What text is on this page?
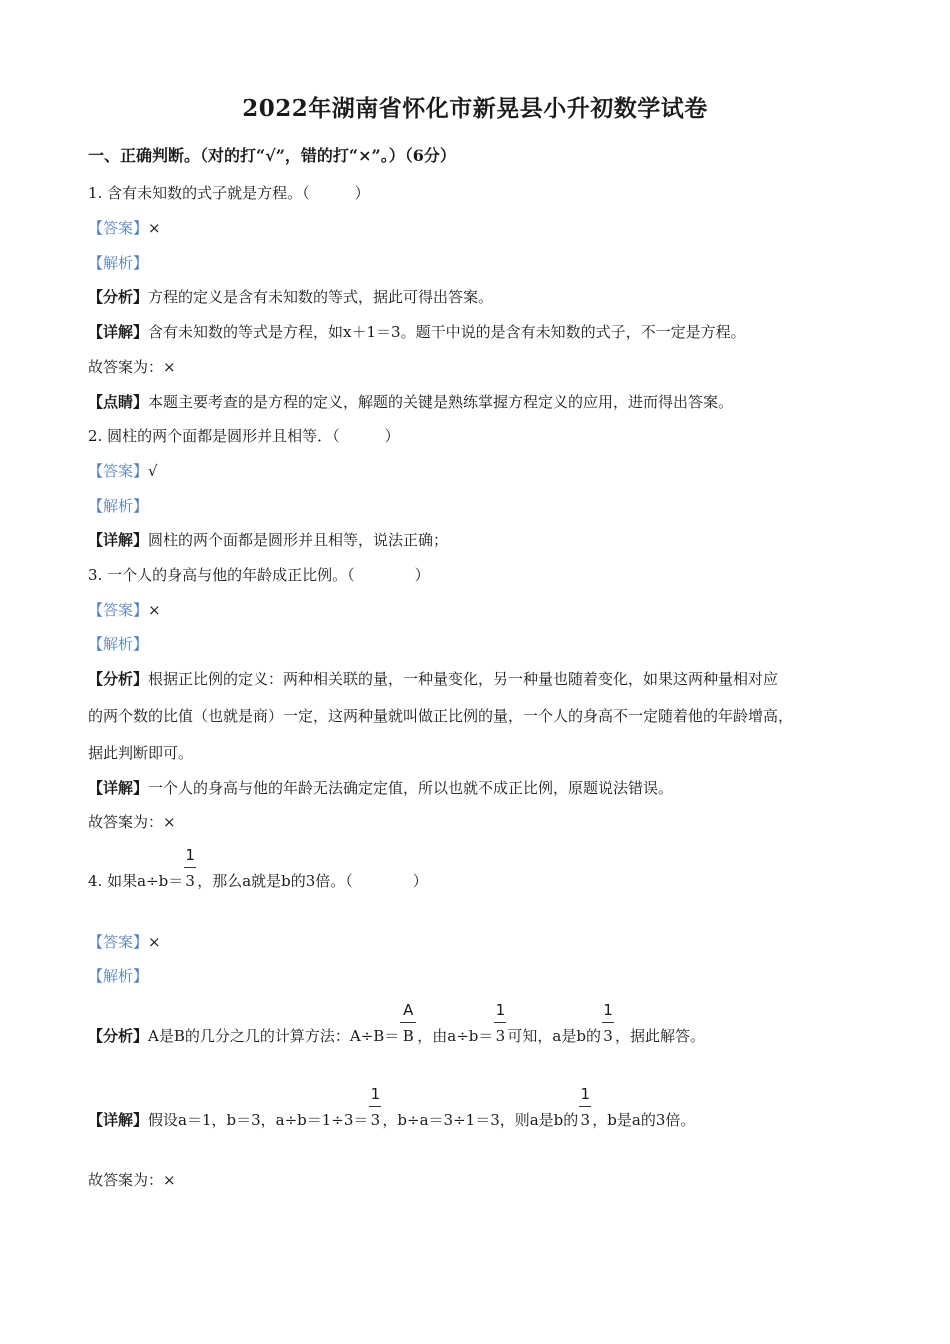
2022年湖南省怀化市新晃县小升初数学试卷
一、正确判断。（对的打“√”，错的打“×”。）（6分）
1. 含有未知数的式子就是方程。（　　　）
【答案】×
【解析】
【分析】方程的定义是含有未知数的等式，据此可得出答案。
【详解】含有未知数的等式是方程，如x＋1＝3。题干中说的是含有未知数的式子，不一定是方程。
故答案为：×
【点睛】本题主要考查的是方程的定义，解题的关键是熟练掌握方程定义的应用，进而得出答案。
2. 圆柱的两个面都是圆形并且相等．（　　　）
【答案】√
【解析】
【详解】圆柱的两个面都是圆形并且相等，说法正确；
3. 一个人的身高与他的年龄成正比例。（　　　　）
【答案】×
【解析】
【分析】根据正比例的定义：两种相关联的量，一种量变化，另一种量也随着变化，如果这两种量相对应
的两个数的比值（也就是商）一定，这两种量就叫做正比例的量，一个人的身高不一定随着他的年龄增高，
据此判断即可。
【详解】一个人的身高与他的年龄无法确定定值，所以也就不成正比例，原题说法错误。
故答案为：×
4. 如果$a\div b= \frac{1}{3}$ ，那么a就是b的3倍。（　　　　）
【答案】×
【解析】
【分析】A是B的几分之几的计算方法：$A\div B= \frac{A}{B}$ ，由$a\div b= \frac{1}{3}$ 可知，a是b的 $\frac{1}{3}$ ，据此解答。
【详解】假设a＝1，b＝3，$a\div b=1\div 3= \frac{1}{3}$ ，b÷a＝3÷1＝3，则a是b的 $\frac{1}{3}$ ，b是a的3倍。
故答案为：×
